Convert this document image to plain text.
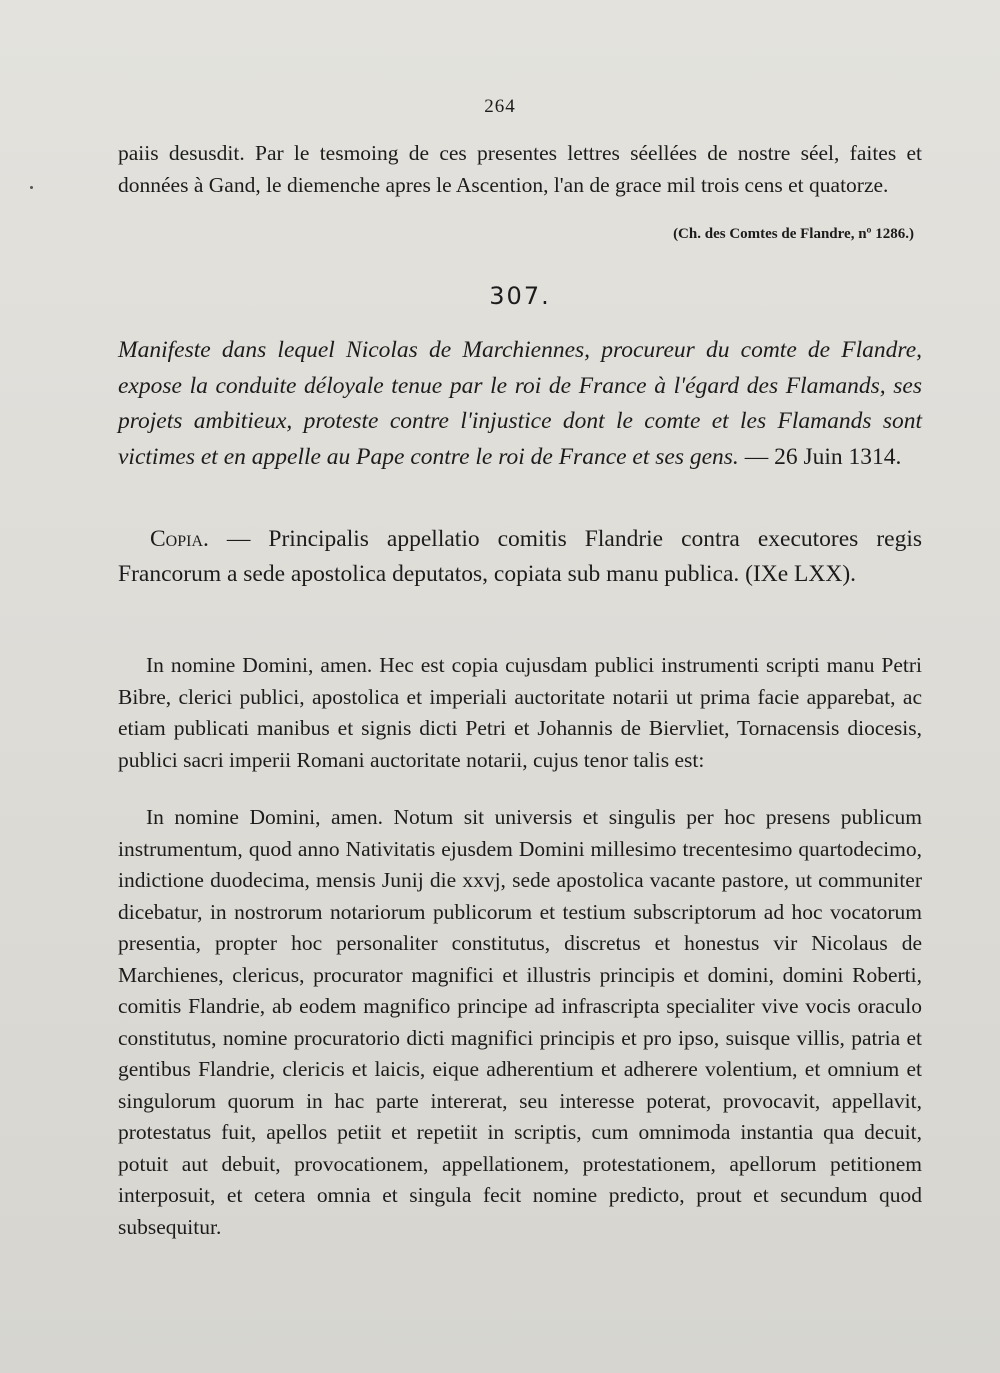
264

paiis desusdit. Par le tesmoing de ces presentes lettres séellées de nostre séel, faites et données à Gand, le diemenche apres le Ascention, l'an de grace mil trois cens et quatorze.

(Ch. des Comtes de Flandre, nº 1286.)
307.

Manifeste dans lequel Nicolas de Marchiennes, procureur du comte de Flandre, expose la conduite déloyale tenue par le roi de France à l'égard des Flamands, ses projets ambitieux, proteste contre l'injustice dont le comte et les Flamands sont victimes et en appelle au Pape contre le roi de France et ses gens. — 26 Juin 1314.

Copia. — Principalis appellatio comitis Flandrie contra executores regis Francorum a sede apostolica deputatos, copiata sub manu publica. (IXe LXX).

In nomine Domini, amen. Hec est copia cujusdam publici instrumenti scripti manu Petri Bibre, clerici publici, apostolica et imperiali auctoritate notarii ut prima facie apparebat, ac etiam publicati manibus et signis dicti Petri et Johannis de Biervliet, Tornacensis diocesis, publici sacri imperii Romani auctoritate notarii, cujus tenor talis est:

In nomine Domini, amen. Notum sit universis et singulis per hoc presens publicum instrumentum, quod anno Nativitatis ejusdem Domini millesimo trecentesimo quartodecimo, indictione duodecima, mensis Junij die xxvj, sede apostolica vacante pastore, ut communiter dicebatur, in nostrorum notariorum publicorum et testium subscriptorum ad hoc vocatorum presentia, propter hoc personaliter constitutus, discretus et honestus vir Nicolaus de Marchienes, clericus, procurator magnifici et illustris principis et domini, domini Roberti, comitis Flandrie, ab eodem magnifico principe ad infrascripta specialiter vive vocis oraculo constitutus, nomine procuratorio dicti magnifici principis et pro ipso, suisque villis, patria et gentibus Flandrie, clericis et laicis, eique adherentium et adherere volentium, et omnium et singulorum quorum in hac parte intererat, seu interesse poterat, provocavit, appellavit, protestatus fuit, apellos petiit et repetiit in scriptis, cum omnimoda instantia qua decuit, potuit aut debuit, provocationem, appellationem, protestationem, apellorum petitionem interposuit, et cetera omnia et singula fecit nomine predicto, prout et secundum quod subsequitur.
